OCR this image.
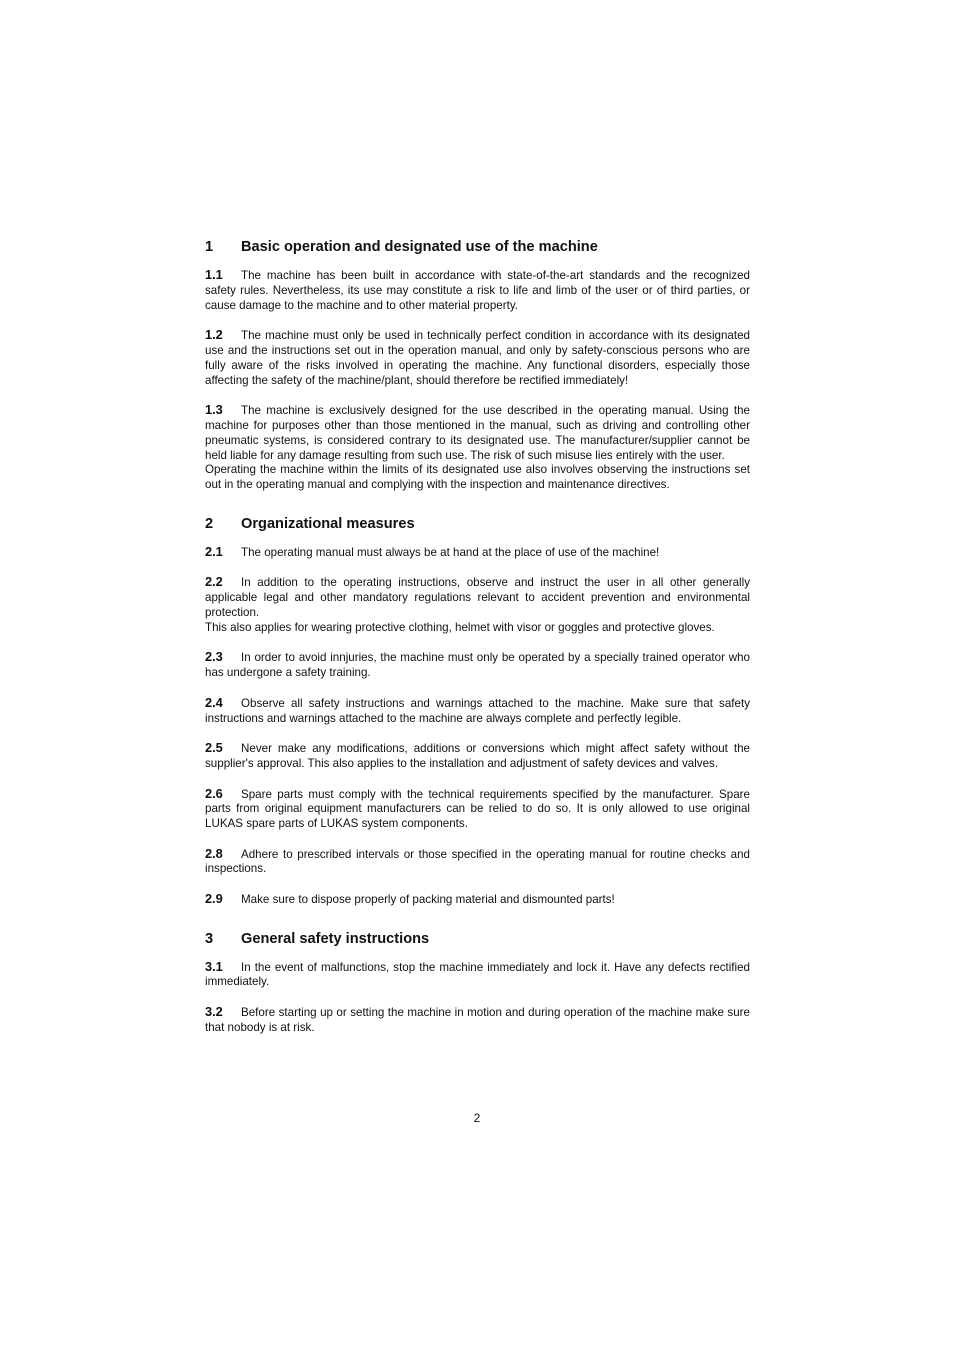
1	Basic operation and designated use of the machine

1.1 The machine has been built in accordance with state-of-the-art standards and the recognized safety rules. Nevertheless, its use may constitute a risk to life and limb of the user or of third parties, or cause damage to the machine and to other material property.

1.2 The machine must only be used in technically perfect condition in accordance with its designated use and the instructions set out in the operation manual, and only by safety-conscious persons who are fully aware of the risks involved in operating the machine. Any functional disorders, especially those affecting the safety of the machine/plant, should therefore be rectified immediately!

1.3 The machine is exclusively designed for the use described in the operating manual. Using the machine for purposes other than those mentioned in the manual, such as driving and controlling other pneumatic systems, is considered contrary to its designated use. The manufacturer/supplier cannot be held liable for any damage resulting from such use. The risk of such misuse lies entirely with the user.
Operating the machine within the limits of its designated use also involves observing the instructions set out in the operating manual and complying with the inspection and maintenance directives.

2	Organizational measures

2.1 The operating manual must always be at hand at the place of use of the machine!

2.2 In addition to the operating instructions, observe and instruct the user in all other generally applicable legal and other mandatory regulations relevant to accident prevention and environmental protection.
This also applies for wearing protective clothing, helmet with visor or goggles and protective gloves.

2.3 In order to avoid innjuries, the machine must only be operated by a specially trained operator who has undergone a safety training.

2.4 Observe all safety instructions and warnings attached to the machine. Make sure that safety instructions and warnings attached to the machine are always complete and perfectly legible.

2.5 Never make any modifications, additions or conversions which might affect safety without the supplier's approval. This also applies to the installation and adjustment of safety devices and valves.

2.6 Spare parts must comply with the technical requirements specified by the manufacturer. Spare parts from original equipment manufacturers can be relied to do so. It is only allowed to use original LUKAS spare parts of LUKAS system components.

2.8 Adhere to prescribed intervals or those specified in the operating manual for routine checks and inspections.

2.9 Make sure to dispose properly of packing material and dismounted parts!

3	General safety instructions

3.1 In the event of malfunctions, stop the machine immediately and lock it. Have any defects rectified immediately.

3.2 Before starting up or setting the machine in motion and during operation of the machine make sure that nobody is at risk.

2
